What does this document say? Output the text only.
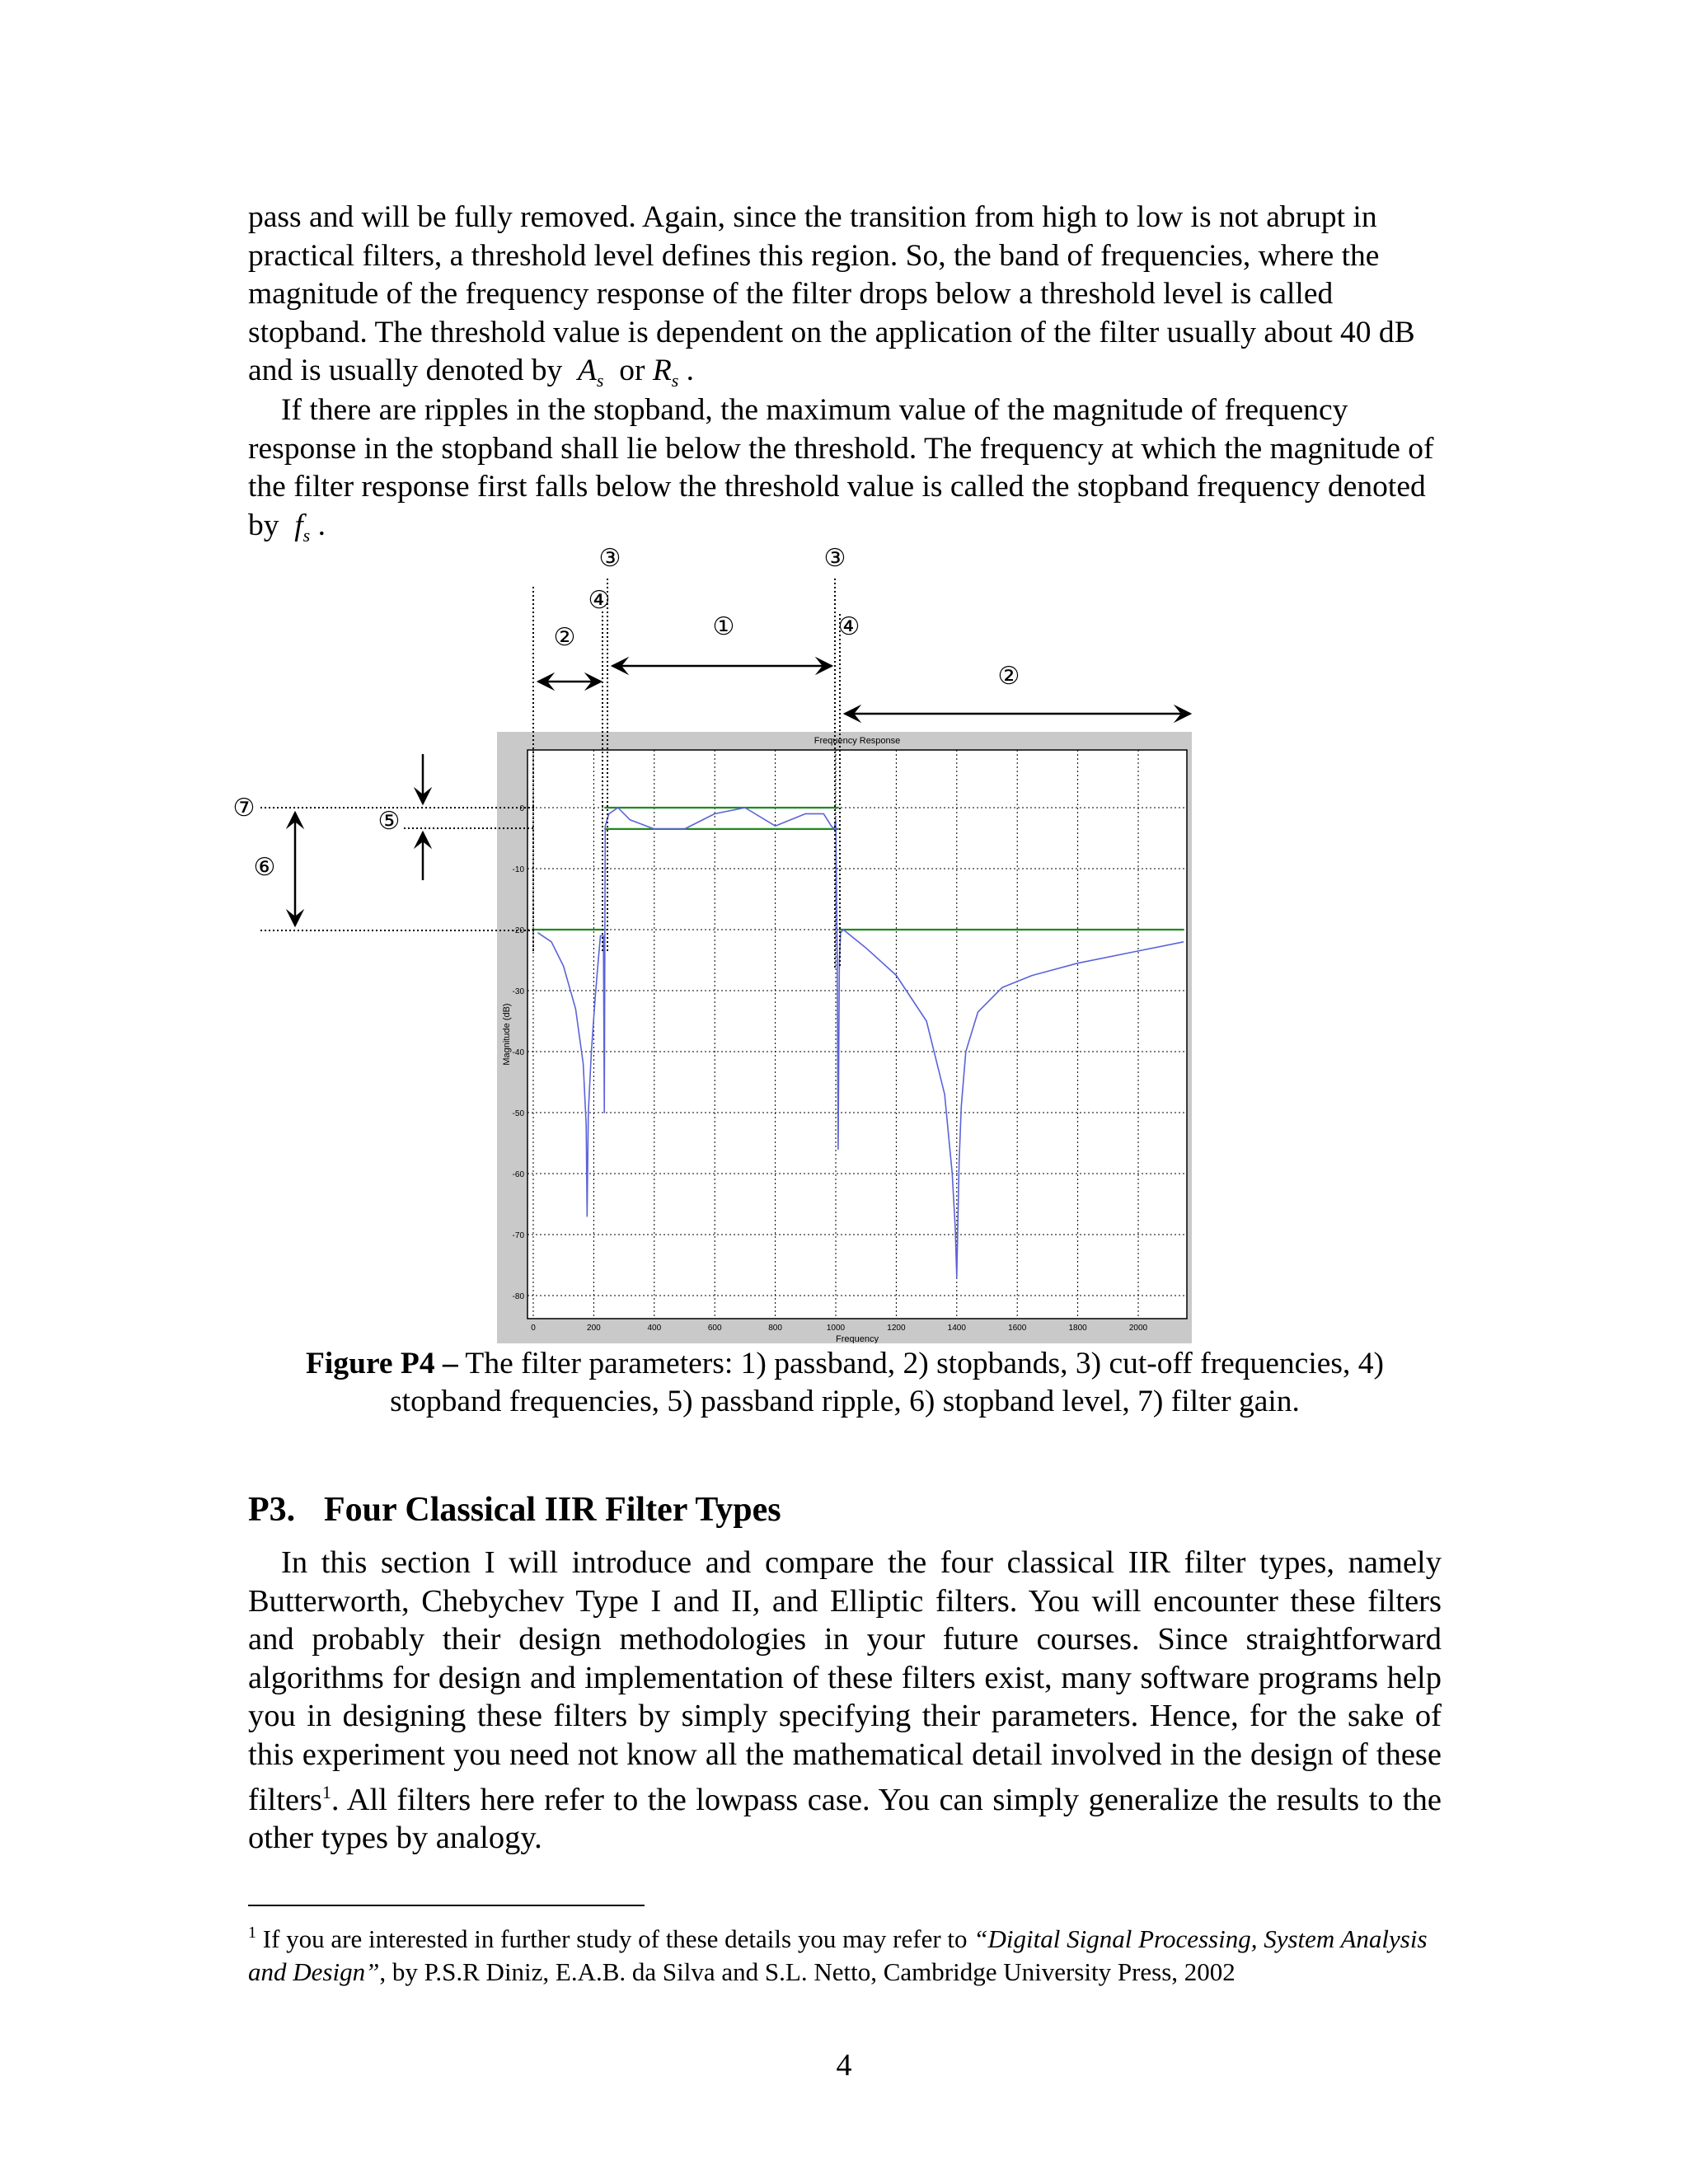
pass and will be fully removed. Again, since the transition from high to low is not abrupt in practical filters, a threshold level defines this region. So, the band of frequencies, where the magnitude of the frequency response of the filter drops below a threshold level is called stopband. The threshold value is dependent on the application of the filter usually about 40 dB and is usually denoted by $A_s$ or $R_s$ .

If there are ripples in the stopband, the maximum value of the magnitude of frequency response in the stopband shall lie below the threshold. The frequency at which the magnitude of the filter response first falls below the threshold value is called the stopband frequency denoted by $f_s$ .

Frequency Response
Frequency
Magnitude (dB)
0	200	400	600	800	1000	1200	1400	1600	1800	2000
0
-10
-20
-30
-40
-50
-60
-70
-80
③	③
④
①	④
②
②
⑦	⑤
⑥

Figure P4 – The filter parameters: 1) passband, 2) stopbands, 3) cut-off frequencies, 4) stopband frequencies, 5) passband ripple, 6) stopband level, 7) filter gain.

P3. Four Classical IIR Filter Types

In this section I will introduce and compare the four classical IIR filter types, namely Butterworth, Chebychev Type I and II, and Elliptic filters. You will encounter these filters and probably their design methodologies in your future courses. Since straightforward algorithms for design and implementation of these filters exist, many software programs help you in designing these filters by simply specifying their parameters. Hence, for the sake of this experiment you need not know all the mathematical detail involved in the design of these filters$^1$. All filters here refer to the lowpass case. You can simply generalize the results to the other types by analogy.

$^1$ If you are interested in further study of these details you may refer to “Digital Signal Processing, System Analysis and Design”, by P.S.R Diniz, E.A.B. da Silva and S.L. Netto, Cambridge University Press, 2002

4
